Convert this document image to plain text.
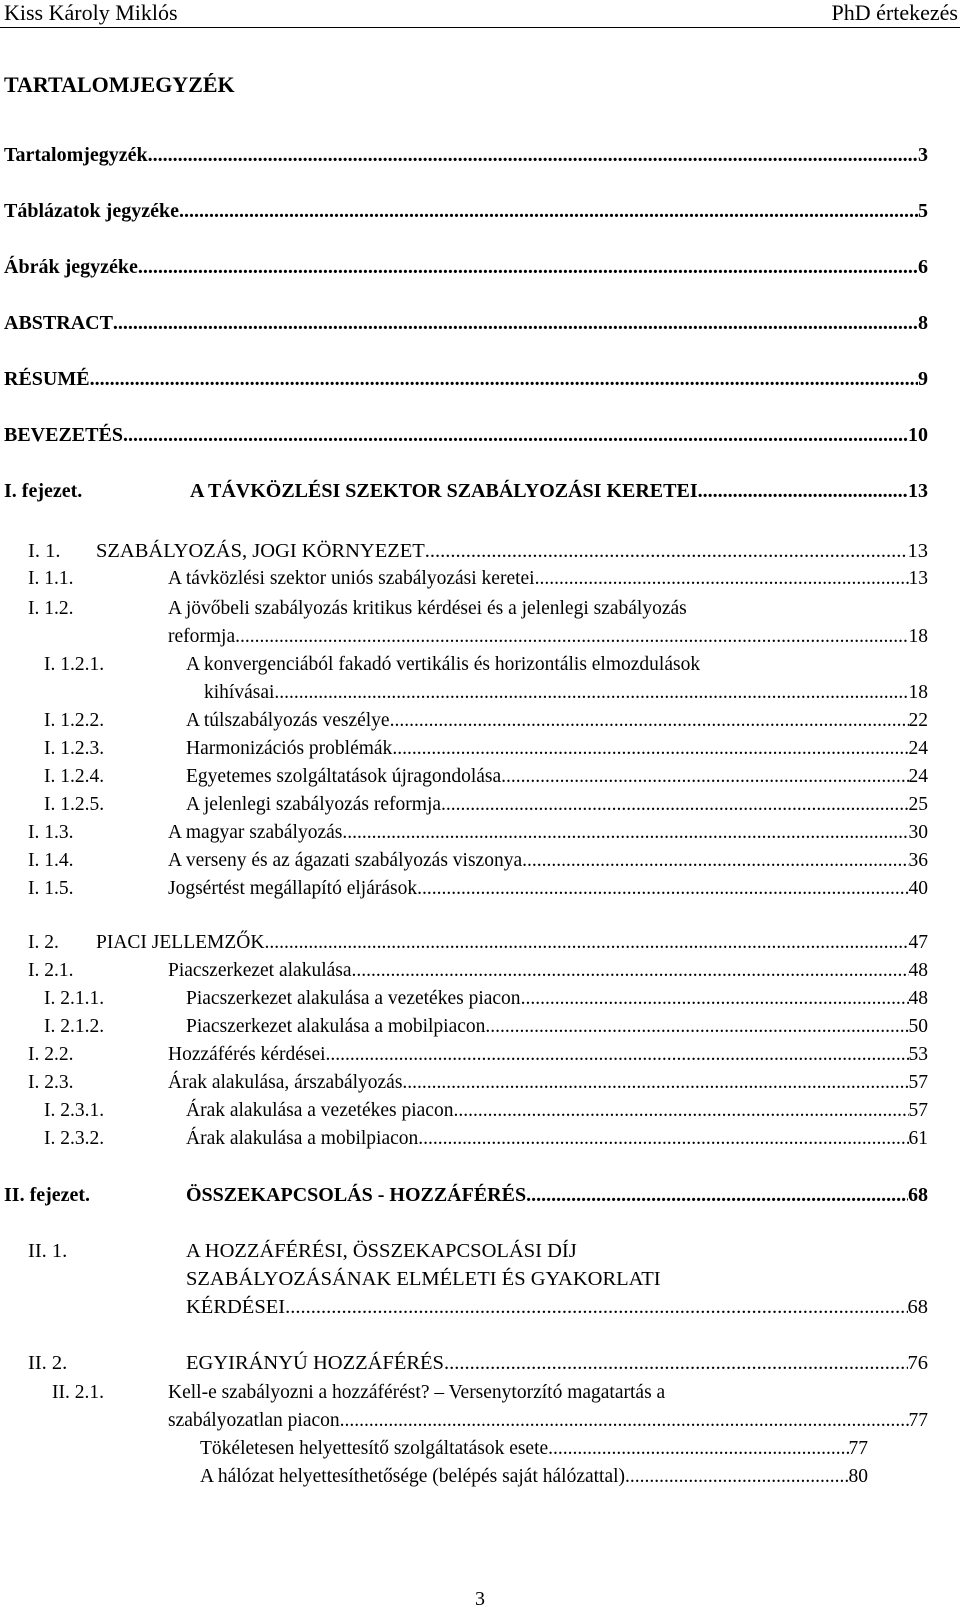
Kiss Károly Miklós	PhD értekezés
TARTALOMJEGYZÉK
Tartalomjegyzék .....	3
Táblázatok jegyzéke .....	5
Ábrák jegyzéke .....	6
ABSTRACT .....	8
RÉSUMÉ .....	9
BEVEZETÉS .....	10
I. fejezet.	A TÁVKÖZLÉSI SZEKTOR SZABÁLYOZÁSI KERETEI .....	13
I. 1.	SZABÁLYOZÁS, JOGI KÖRNYEZET .....	13
I. 1.1.	A távközlési szektor uniós szabályozási keretei .....	13
I. 1.2.	A jövőbeli szabályozás kritikus kérdései és a jelenlegi szabályozás
reformja .....	18
I. 1.2.1.	A konvergenciából fakadó vertikális és horizontális elmozdulások
kihívásai .....	18
I. 1.2.2.	A túlszabályozás veszélye .....	22
I. 1.2.3.	Harmonizációs problémák .....	24
I. 1.2.4.	Egyetemes szolgáltatások újragondolása .....	24
I. 1.2.5.	A jelenlegi szabályozás reformja .....	25
I. 1.3.	A magyar szabályozás .....	30
I. 1.4.	A verseny és az ágazati szabályozás viszonya .....	36
I. 1.5.	Jogsértést megállapító eljárások .....	40
I. 2.	PIACI JELLEMZŐK .....	47
I. 2.1.	Piacszerkezet alakulása .....	48
I. 2.1.1.	Piacszerkezet alakulása a vezetékes piacon .....	48
I. 2.1.2.	Piacszerkezet alakulása a mobilpiacon .....	50
I. 2.2.	Hozzáférés kérdései .....	53
I. 2.3.	Árak alakulása, árszabályozás .....	57
I. 2.3.1.	Árak alakulása a vezetékes piacon .....	57
I. 2.3.2.	Árak alakulása a mobilpiacon .....	61
II. fejezet.	ÖSSZEKAPCSOLÁS - HOZZÁFÉRÉS .....	68
II. 1.	A HOZZÁFÉRÉSI, ÖSSZEKAPCSOLÁSI DÍJ
SZABÁLYOZÁSÁNAK ELMÉLETI ÉS GYAKORLATI
KÉRDÉSEI .....	68
II. 2.	EGYIRÁNYÚ HOZZÁFÉRÉS .....	76
II. 2.1.	Kell-e szabályozni a hozzáférést? – Versenytorzító magatartás a
szabályozatlan piacon .....	77
Tökéletesen helyettesítő szolgáltatások esete .....	77
A hálózat helyettesíthetősége (belépés saját hálózattal) .....	80
3
